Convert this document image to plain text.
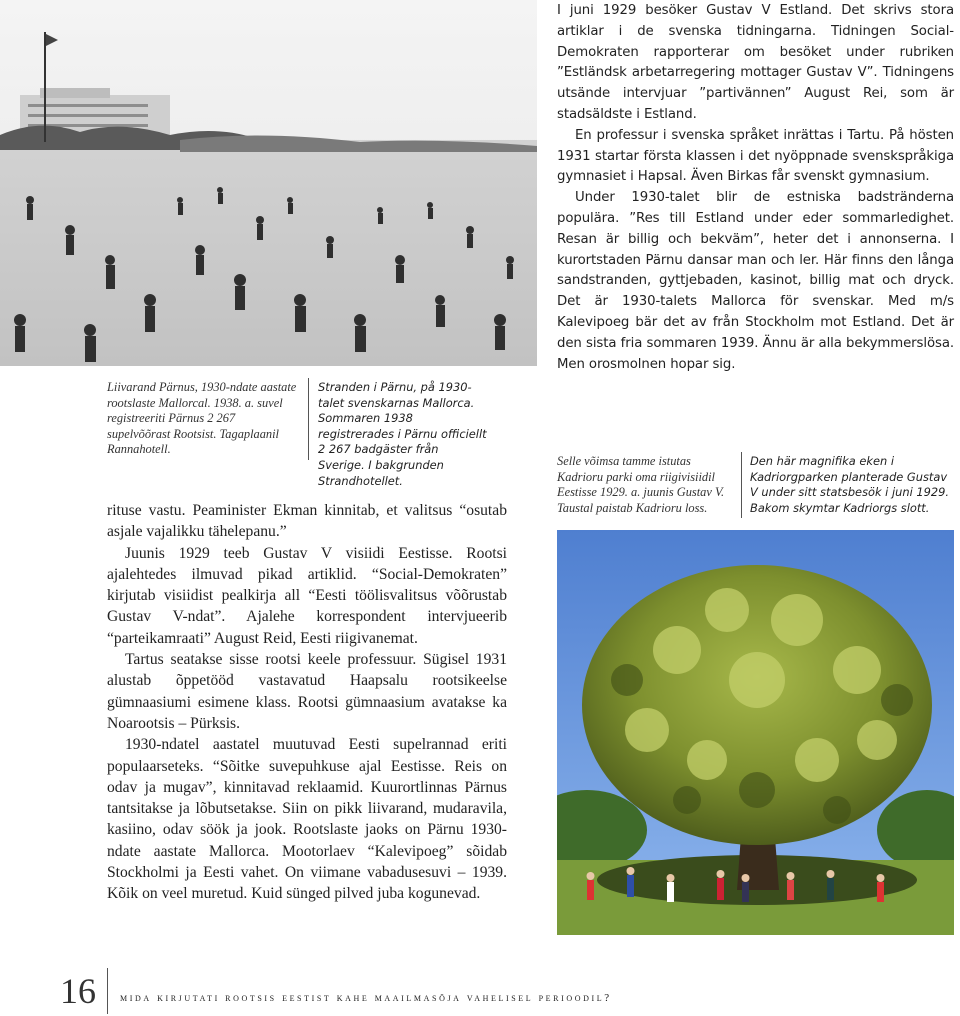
Liivarand Pärnus, 1930-ndate aastate rootslaste Mallorcal. 1938. a. suvel registreeriti Pärnus 2 267 supelvõõrast Rootsist. Tagaplaanil Rannahotell.
Stranden i Pärnu, på 1930-talet svenskarnas Mallorca. Sommaren 1938 registrerades i Pärnu officiellt 2 267 badgäster från Sverige. I bakgrunden Strandhotellet.

I juni 1929 besöker Gustav V Estland. Det skrivs stora artiklar i de svenska tidningarna. Tidningen Social-Demokraten rapporterar om besöket under rubriken ”Estländsk arbetarregering mottager Gustav V”. Tidningens utsände intervjuar ”partivännen” August Rei, som är stadsäldste i Estland.

En professur i svenska språket inrättas i Tartu. På hösten 1931 startar första klassen i det nyöppnade svenskspråkiga gymnasiet i Hapsal. Även Birkas får svenskt gymnasium.

Under 1930-talet blir de estniska badstränderna populära. ”Res till Estland under eder sommarledighet. Resan är billig och bekväm”, heter det i annonserna. I kurortstaden Pärnu dansar man och ler. Här finns den långa sandstranden, gyttjebaden, kasinot, billig mat och dryck. Det är 1930-talets Mallorca för svenskar. Med m/s Kalevipoeg bär det av från Stockholm mot Estland. Det är den sista fria sommaren 1939. Ännu är alla bekymmerslösa. Men orosmolnen hopar sig.

rituse vastu. Peaminister Ekman kinnitab, et valitsus “osutab asjale vajalikku tähelepanu.”

Juunis 1929 teeb Gustav V visiidi Eestisse. Rootsi ajalehtedes ilmuvad pikad artiklid. “Social-Demokraten” kirjutab visiidist pealkirja all “Eesti töölisvalitsus võõrustab Gustav V-ndat”. Ajalehe korrespondent intervjueerib “parteikamraati” August Reid, Eesti riigivanemat.

Tartus seatakse sisse rootsi keele professuur. Sügisel 1931 alustab õppetööd vastavatud Haapsalu rootsikeelse gümnaasiumi esimene klass. Rootsi gümnaasium avatakse ka Noarootsis – Pürksis.

1930-ndatel aastatel muutuvad Eesti supelrannad eriti populaarseteks. “Sõitke suvepuhkuse ajal Eestisse. Reis on odav ja mugav”, kinnitavad reklaamid. Kuurortlinnas Pärnus tantsitakse ja lõbutsetakse. Siin on pikk liivarand, mudaravila, kasiino, odav söök ja jook. Rootslaste jaoks on Pärnu 1930-ndate aastate Mallorca. Mootorlaev “Kalevipoeg” sõidab Stockholmi ja Eesti vahet. On viimane vabadusesuvi – 1939. Kõik on veel muretud. Kuid sünged pilved juba kogunevad.

Selle võimsa tamme istutas Kadrioru parki oma riigivisiidil Eestisse 1929. a. juunis Gustav V. Taustal paistab Kadrioru loss.
Den här magnifika eken i Kadriorgparken planterade Gustav V under sitt statsbesök i juni 1929. Bakom skymtar Kadriorgs slott.
16 mida kirjutati rootsis eestist kahe maailmasõja vahelisel perioodil?
